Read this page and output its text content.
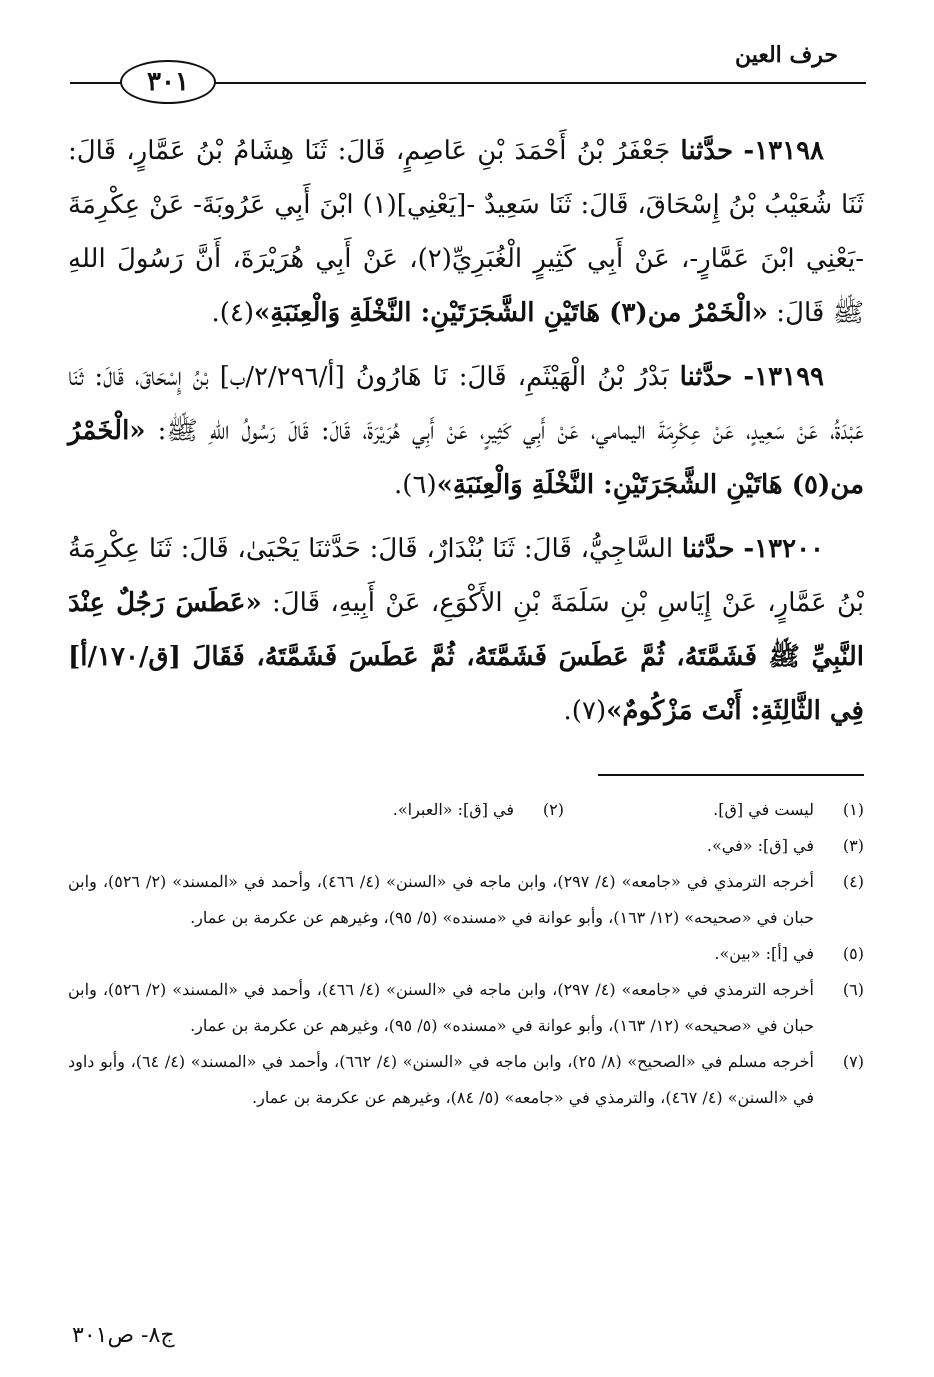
حرف العين
٣٠١

١٣١٩٨- حدَّثنا جَعْفَرُ بْنُ أَحْمَدَ بْنِ عَاصِمٍ، قَالَ: ثَنَا هِشَامُ بْنُ عَمَّارٍ، قَالَ: ثَنَا شُعَيْبُ بْنُ إِسْحَاقَ، قَالَ: ثَنَا سَعِيدٌ -[يَعْنِي](١) ابْنَ أَبِي عَرُوبَةَ- عَنْ عِكْرِمَةَ -يَعْنِي ابْنَ عَمَّارٍ-، عَنْ أَبِي كَثِيرٍ الْغُبَرِيِّ(٢)، عَنْ أَبِي هُرَيْرَةَ، أَنَّ رَسُولَ اللهِ ﷺ قَالَ: «الْخَمْرُ من(٣) هَاتَيْنِ الشَّجَرَتَيْنِ: النَّخْلَةِ وَالْعِنَبَةِ»(٤).

١٣١٩٩- حدَّثنا بَدْرُ بْنُ الْهَيْثَمِ، قَالَ: نَا هَارُونُ [أ/٢/٢٩٦/ب] بْنُ إِسْحَاقَ، قَالَ: ثَنَا عَبْدَةُ، عَنْ سَعِيدٍ، عَنْ عِكْرِمَةَ اليمامي، عَنْ أَبِي كَثِيرٍ، عَنْ أَبِي هُرَيْرَةَ، قَالَ: قَالَ رَسُولُ اللهِ ﷺ: «الْخَمْرُ من(٥) هَاتَيْنِ الشَّجَرَتَيْنِ: النَّخْلَةِ وَالْعِنَبَةِ»(٦).

١٣٢٠٠- حدَّثنا السَّاجِيُّ، قَالَ: ثَنَا بُنْدَارٌ، قَالَ: حَدَّثنَا يَحْيَىٰ، قَالَ: ثَنَا عِكْرِمَةُ بْنُ عَمَّارٍ، عَنْ إِيَاسِ بْنِ سَلَمَةَ بْنِ الأَكْوَعِ، عَنْ أَبِيهِ، قَالَ: «عَطَسَ رَجُلٌ عِنْدَ النَّبِيِّ ﷺ فَشَمَّتَهُ، ثُمَّ عَطَسَ فَشَمَّتَهُ، ثُمَّ عَطَسَ فَشَمَّتَهُ، فَقَالَ [ق/١٧٠/أ] فِي الثَّالِثَةِ: أَنْتَ مَزْكُومٌ»(٧).

(١)
ليست في [ق].
(٢)
في [ق]: «العبرا».
(٣)
في [ق]: «في».
(٤)
أخرجه الترمذي في «جامعه» (٤/ ٢٩٧)، وابن ماجه في «السنن» (٤/ ٤٦٦)، وأحمد في «المسند» (٢/ ٥٢٦)، وابن حبان في «صحيحه» (١٢/ ١٦٣)، وأبو عوانة في «مسنده» (٥/ ٩٥)، وغيرهم عن عكرمة بن عمار.
(٥)
في [أ]: «بين».
(٦)
أخرجه الترمذي في «جامعه» (٤/ ٢٩٧)، وابن ماجه في «السنن» (٤/ ٤٦٦)، وأحمد في «المسند» (٢/ ٥٢٦)، وابن حبان في «صحيحه» (١٢/ ١٦٣)، وأبو عوانة في «مسنده» (٥/ ٩٥)، وغيرهم عن عكرمة بن عمار.
(٧)
أخرجه مسلم في «الصحيح» (٨/ ٢٥)، وابن ماجه في «السنن» (٤/ ٦٦٢)، وأحمد في «المسند» (٤/ ٦٤)، وأبو داود في «السنن» (٤/ ٤٦٧)، والترمذي في «جامعه» (٥/ ٨٤)، وغيرهم عن عكرمة بن عمار.
ج٨- ص٣٠١
